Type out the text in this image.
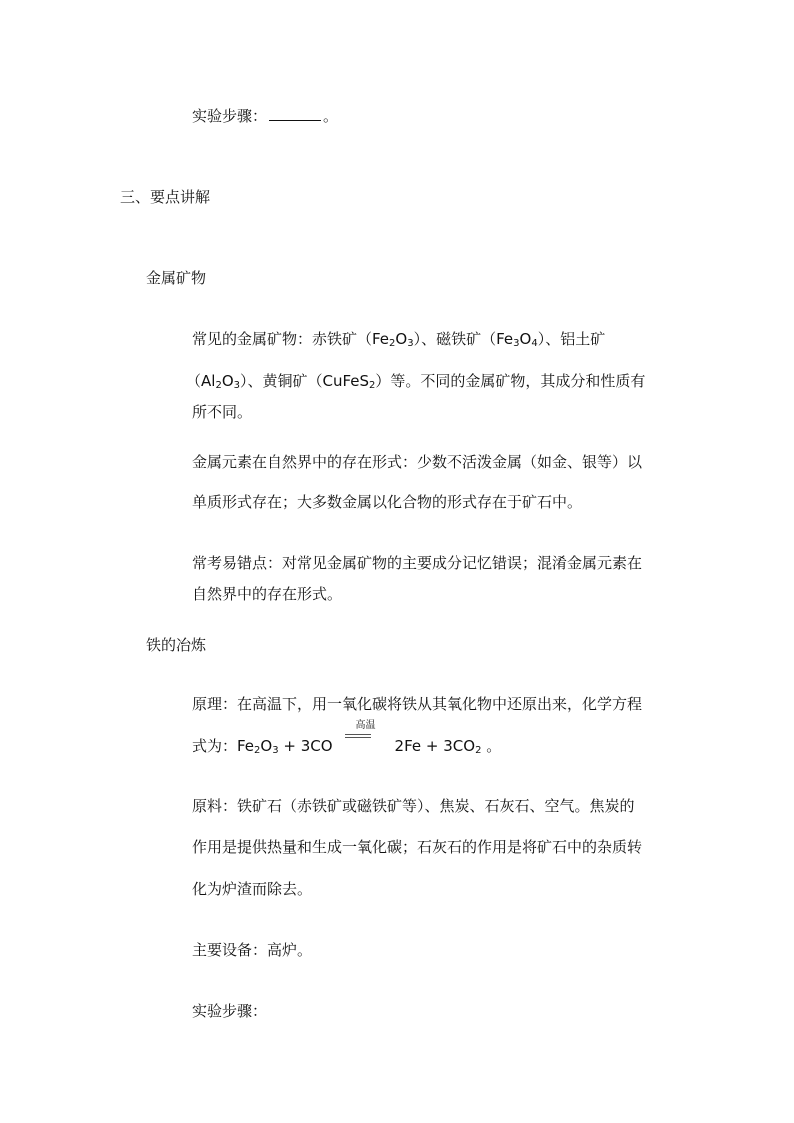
实验步骤：	。
三、要点讲解
金属矿物
常见的金属矿物：赤铁矿$(Fe_2O_3)$、磁铁矿$(Fe_3O_4)$、铝土矿
$(Al_2O_3)$、黄铜矿（CuFeS$_2$）等。不同的金属矿物，其成分和性质有
所不同。
金属元素在自然界中的存在形式：少数不活泼金属（如金、银等）以
单质形式存在；大多数金属以化合物的形式存在于矿石中。
常考易错点：对常见金属矿物的主要成分记忆错误；混淆金属元素在
自然界中的存在形式。
铁的冶炼
原理：在高温下，用一氧化碳将铁从其氧化物中还原出来，化学方程
式为：$Fe_2O_3 + 3CO$
高温
$2Fe + 3CO_2$ 。
原料：铁矿石（赤铁矿或磁铁矿等）、焦炭、石灰石、空气。焦炭的
作用是提供热量和生成一氧化碳；石灰石的作用是将矿石中的杂质转
化为炉渣而除去。
主要设备：高炉。
实验步骤：
